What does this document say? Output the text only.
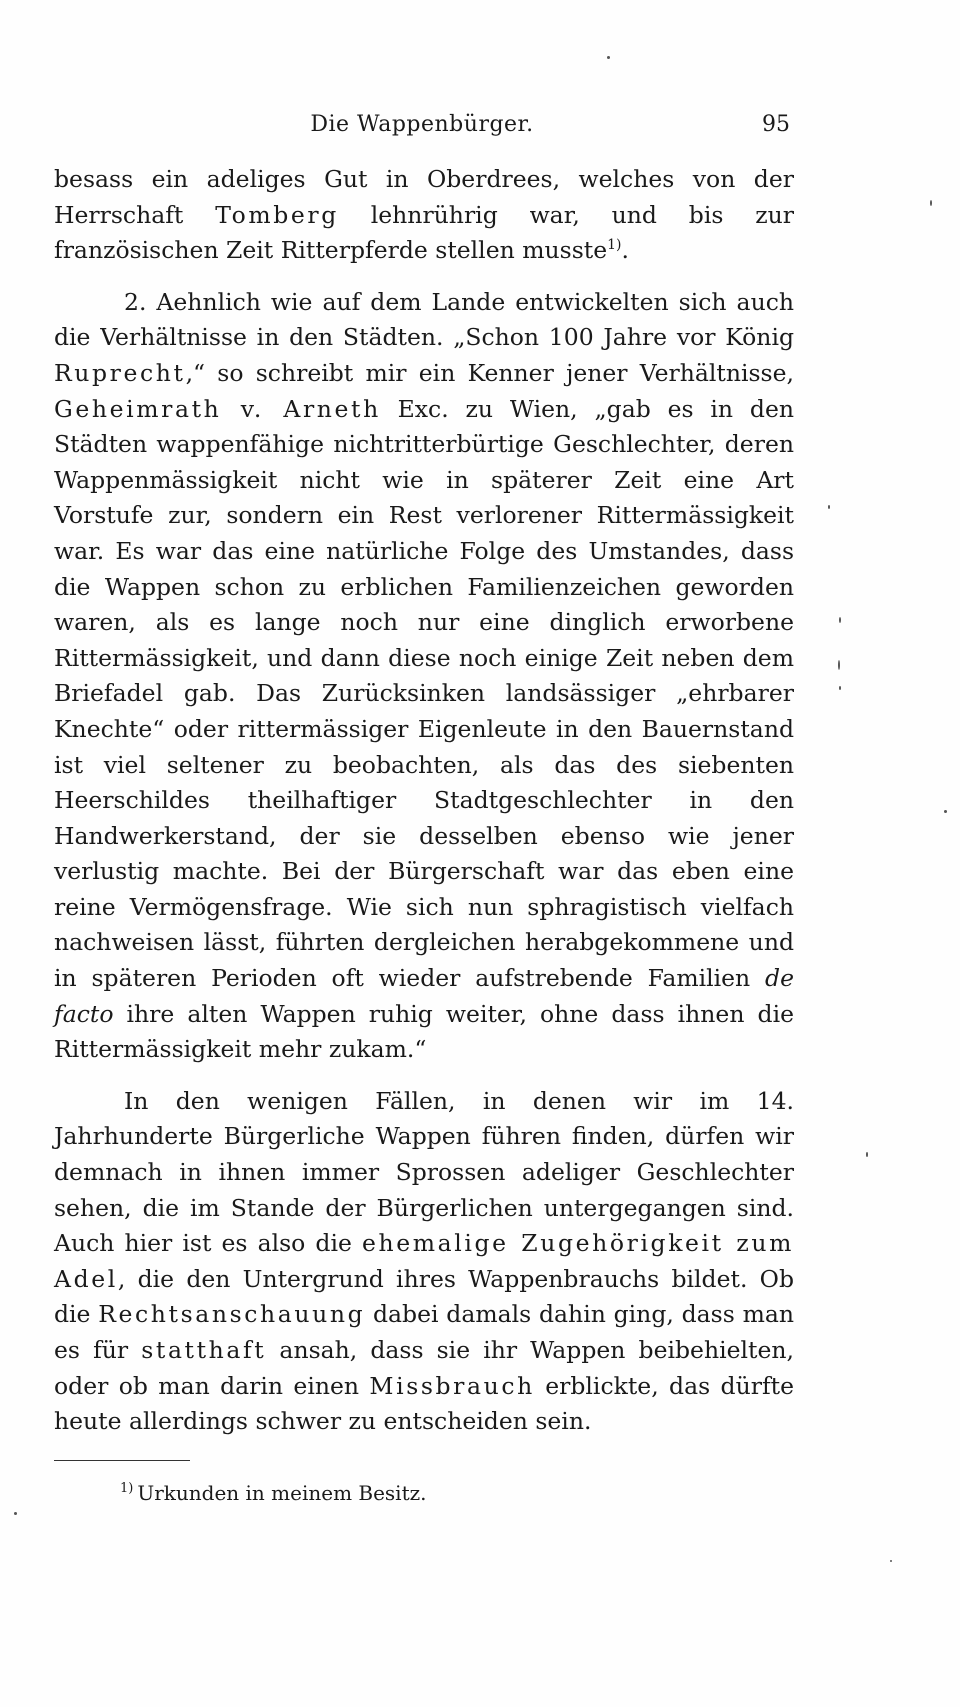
Die Wappenbürger.	95

besass ein adeliges Gut in Oberdrees, welches von der Herrschaft Tomberg lehnrührig war, und bis zur französischen Zeit Ritterpferde stellen musste$^{1)}$.

2. Aehnlich wie auf dem Lande entwickelten sich auch die Verhältnisse in den Städten. „Schon 100 Jahre vor König Ruprecht,“ so schreibt mir ein Kenner jener Verhältnisse, Geheimrath v. Arneth Exc. zu Wien, „gab es in den Städten wappenfähige nichtritterbürtige Geschlechter, deren Wappenmässigkeit nicht wie in späterer Zeit eine Art Vorstufe zur, sondern ein Rest verlorener Rittermässigkeit war. Es war das eine natürliche Folge des Umstandes, dass die Wappen schon zu erblichen Familienzeichen geworden waren, als es lange noch nur eine dinglich erworbene Rittermässigkeit, und dann diese noch einige Zeit neben dem Briefadel gab. Das Zurücksinken landsässiger „ehrbarer Knechte“ oder rittermässiger Eigenleute in den Bauernstand ist viel seltener zu beobachten, als das des siebenten Heerschildes theilhaftiger Stadtgeschlechter in den Handwerkerstand, der sie desselben ebenso wie jener verlustig machte. Bei der Bürgerschaft war das eben eine reine Vermögensfrage. Wie sich nun sphragistisch vielfach nachweisen lässt, führten dergleichen herabgekommene und in späteren Perioden oft wieder aufstrebende Familien de facto ihre alten Wappen ruhig weiter, ohne dass ihnen die Rittermässigkeit mehr zukam.“

In den wenigen Fällen, in denen wir im 14. Jahrhunderte Bürgerliche Wappen führen finden, dürfen wir demnach in ihnen immer Sprossen adeliger Geschlechter sehen, die im Stande der Bürgerlichen untergegangen sind. Auch hier ist es also die ehemalige Zugehörigkeit zum Adel, die den Untergrund ihres Wappenbrauchs bildet. Ob die Rechtsanschauung dabei damals dahin ging, dass man es für statthaft ansah, dass sie ihr Wappen beibehielten, oder ob man darin einen Missbrauch erblickte, das dürfte heute allerdings schwer zu entscheiden sein.

$^{1)}$ Urkunden in meinem Besitz.
